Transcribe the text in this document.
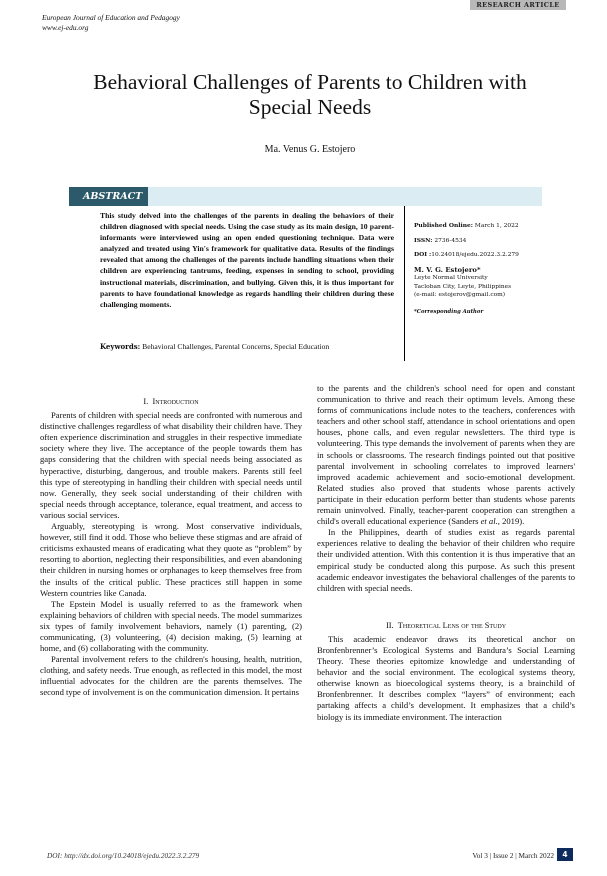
RESEARCH ARTICLE
European Journal of Education and Pedagogy
www.ej-edu.org
Behavioral Challenges of Parents to Children with Special Needs
Ma. Venus G. Estojero
ABSTRACT
This study delved into the challenges of the parents in dealing the behaviors of their children diagnosed with special needs. Using the case study as its main design, 10 parent-informants were interviewed using an open ended questioning technique. Data were analyzed and treated using Yin's framework for qualitative data. Results of the findings revealed that among the challenges of the parents include handling situations when their children are experiencing tantrums, feeding, expenses in sending to school, providing instructional materials, discrimination, and bullying. Given this, it is thus important for parents to have foundational knowledge as regards handling their children during these challenging moments.
Keywords: Behavioral Challenges, Parental Concerns, Special Education
Published Online: March 1, 2022
ISSN: 2736-4534
DOI :10.24018/ejedu.2022.3.2.279
M. V. G. Estojero*
Leyte Normal University
Tacloban City, Leyte, Philippines
(e-mail: estojerov@gmail.com)
*Corresponding Author
I. Introduction

Parents of children with special needs are confronted with numerous and distinctive challenges regardless of what disability their children have. They often experience discrimination and struggles in their respective immediate society where they live. The acceptance of the people towards them has gaps considering that the children with special needs being associated as hyperactive, disturbing, dangerous, and trouble makers. Parents still feel this type of stereotyping in handling their children with special needs until now. Generally, they seek social understanding of their children with special needs through acceptance, tolerance, equal treatment, and access to various social services.

Arguably, stereotyping is wrong. Most conservative individuals, however, still find it odd. Those who believe these stigmas and are afraid of criticisms exhausted means of eradicating what they quote as “problem” by resorting to abortion, neglecting their responsibilities, and even abandoning their children in nursing homes or orphanages to keep themselves free from the insults of the critical public. These practices still happen in some Western countries like Canada.

The Epstein Model is usually referred to as the framework when explaining behaviors of children with special needs. The model summarizes six types of family involvement behaviors, namely (1) parenting, (2) communicating, (3) volunteering, (4) decision making, (5) learning at home, and (6) collaborating with the community.

Parental involvement refers to the children's housing, health, nutrition, clothing, and safety needs. True enough, as reflected in this model, the most influential advocates for the children are the parents themselves. The second type of involvement is on the communication dimension. It pertains

to the parents and the children's school need for open and constant communication to thrive and reach their optimum levels. Among these forms of communications include notes to the teachers, conferences with teachers and other school staff, attendance in school orientations and open houses, phone calls, and even regular newsletters. The third type is volunteering. This type demands the involvement of parents when they are in schools or classrooms. The research findings pointed out that positive parental involvement in schooling correlates to improved learners' improved academic achievement and socio-emotional development. Related studies also proved that students whose parents actively participate in their education perform better than students whose parents remain uninvolved. Finally, teacher-parent cooperation can strengthen a child's overall educational experience (Sanders et al., 2019).

In the Philippines, dearth of studies exist as regards parental experiences relative to dealing the behavior of their children who require their undivided attention. With this contention it is thus imperative that an empirical study be conducted along this purpose. As such this present academic endeavor investigates the behavioral challenges of the parents to children with special needs.

II. Theoretical Lens of the Study

This academic endeavor draws its theoretical anchor on Bronfenbrenner’s Ecological Systems and Bandura’s Social Learning Theory. These theories epitomize knowledge and understanding of behavior and the social environment. The ecological systems theory, otherwise known as bioecological systems theory, is a brainchild of Bronfenbrenner. It describes complex “layers” of environment; each partaking affects a child’s development. It emphasizes that a child’s biology is its immediate environment. The interaction

DOI: http://dx.doi.org/10.24018/ejedu.2022.3.2.279	Vol 3 | Issue 2 | March 2022	4
